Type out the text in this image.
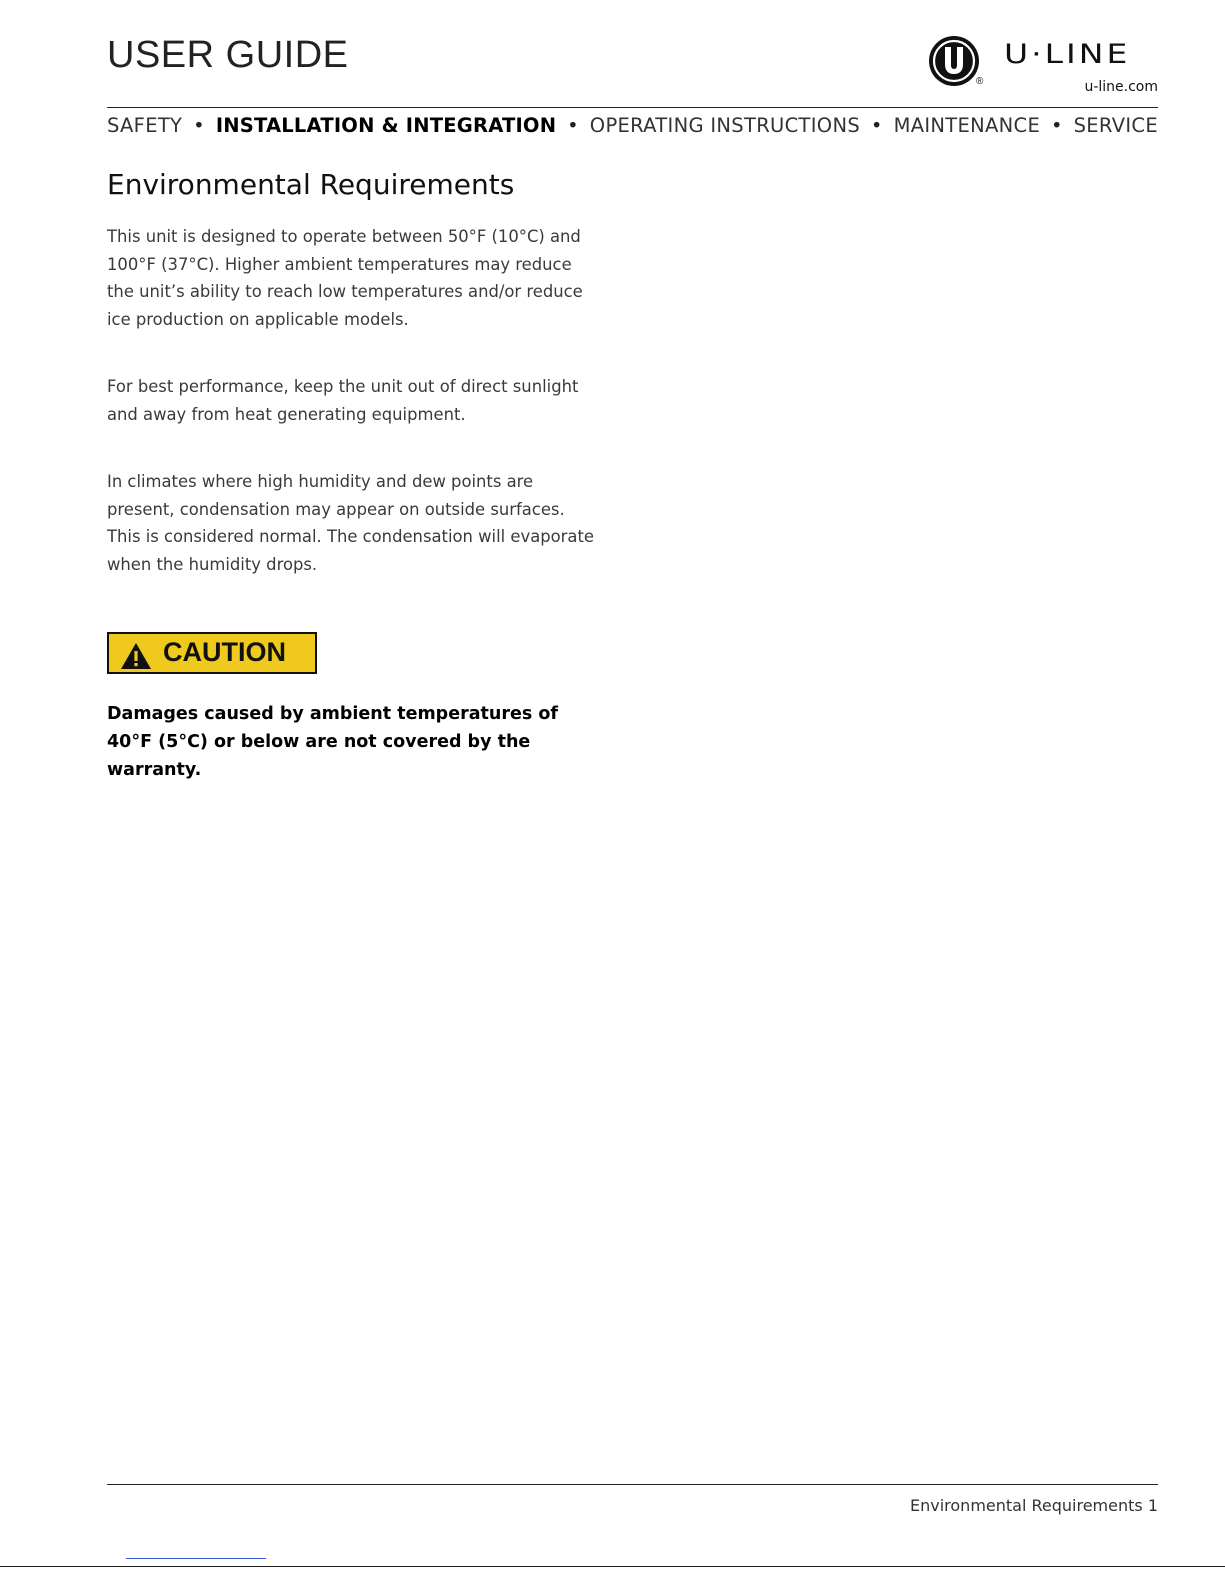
USER GUIDE
®
U·LINE
u-line.com
SAFETY • INSTALLATION & INTEGRATION • OPERATING INSTRUCTIONS • MAINTENANCE • SERVICE
Environmental Requirements

This unit is designed to operate between 50°F (10°C) and 100°F (37°C). Higher ambient temperatures may reduce the unit’s ability to reach low temperatures and/or reduce ice production on applicable models.

For best performance, keep the unit out of direct sunlight and away from heat generating equipment.

In climates where high humidity and dew points are present, condensation may appear on outside surfaces. This is considered normal. The condensation will evaporate when the humidity drops.

CAUTION

Damages caused by ambient temperatures of 40°F (5°C) or below are not covered by the warranty.

Environmental Requirements 1
